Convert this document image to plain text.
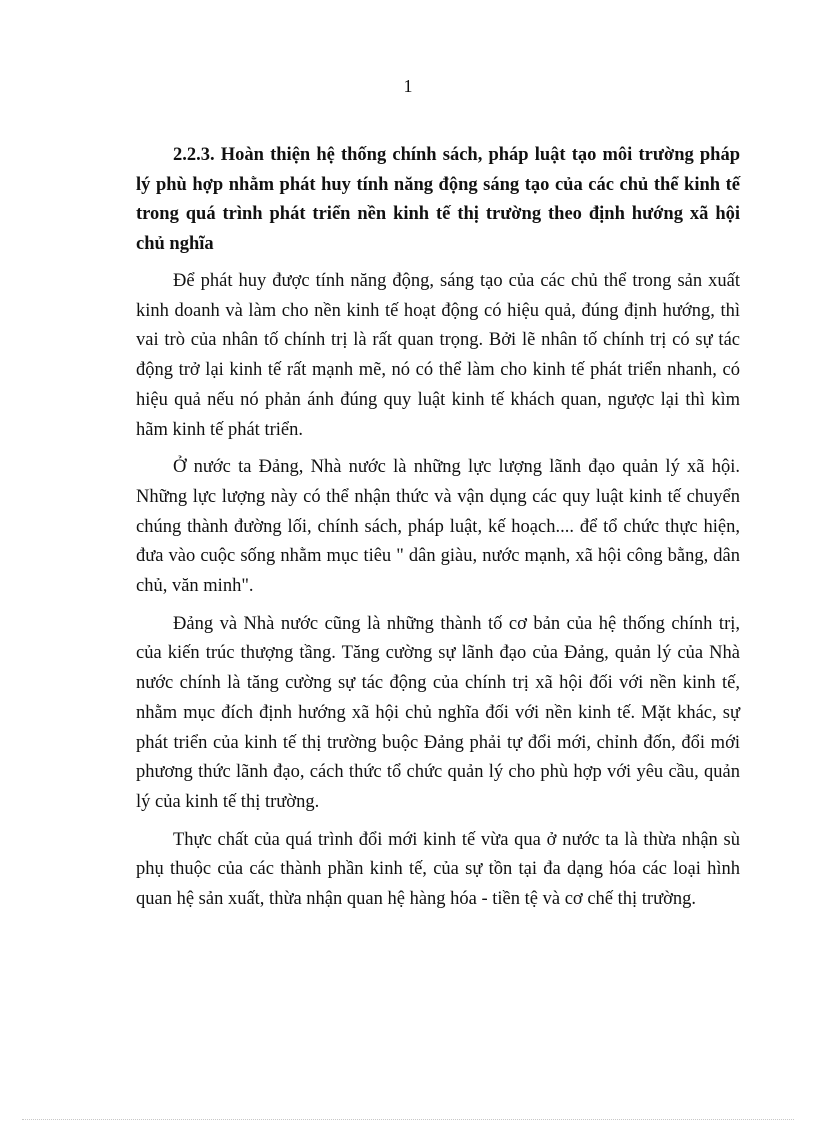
1

2.2.3. Hoàn thiện hệ thống chính sách, pháp luật tạo môi trường pháp lý phù hợp nhằm phát huy tính năng động sáng tạo của các chủ thể kinh tế trong quá trình phát triển nền kinh tế thị trường theo định hướng xã hội chủ nghĩa

Để phát huy được tính năng động, sáng tạo của các chủ thể trong sản xuất kinh doanh và làm cho nền kinh tế hoạt động có hiệu quả, đúng định hướng, thì vai trò của nhân tố chính trị là rất quan trọng. Bởi lẽ nhân tố chính trị có sự tác động trở lại kinh tế rất mạnh mẽ, nó có thể làm cho kinh tế phát triển nhanh, có hiệu quả nếu nó phản ánh đúng quy luật kinh tế khách quan, ngược lại thì kìm hãm kinh tế phát triển.

Ở nước ta Đảng, Nhà nước là những lực lượng lãnh đạo quản lý xã hội. Những lực lượng này có thể nhận thức và vận dụng các quy luật kinh tế chuyển chúng thành đường lối, chính sách, pháp luật, kế hoạch.... để tổ chức thực hiện, đưa vào cuộc sống nhằm mục tiêu " dân giàu, nước mạnh, xã hội công bằng, dân chủ, văn minh".

Đảng và Nhà nước cũng là những thành tố cơ bản của hệ thống chính trị, của kiến trúc thượng tầng. Tăng cường sự lãnh đạo của Đảng, quản lý của Nhà nước chính là tăng cường sự tác động của chính trị xã hội đối với nền kinh tế, nhằm mục đích định hướng xã hội chủ nghĩa đối với nền kinh tế. Mặt khác, sự phát triển của kinh tế thị trường buộc Đảng phải tự đổi mới, chỉnh đốn, đổi mới phương thức lãnh đạo, cách thức tổ chức quản lý cho phù hợp với yêu cầu, quản lý của kinh tế thị trường.

Thực chất của quá trình đổi mới kinh tế vừa qua ở nước ta là thừa nhận sù phụ thuộc của các thành phần kinh tế, của sự tồn tại đa dạng hóa các loại hình quan hệ sản xuất, thừa nhận quan hệ hàng hóa - tiền tệ và cơ chế thị trường.
